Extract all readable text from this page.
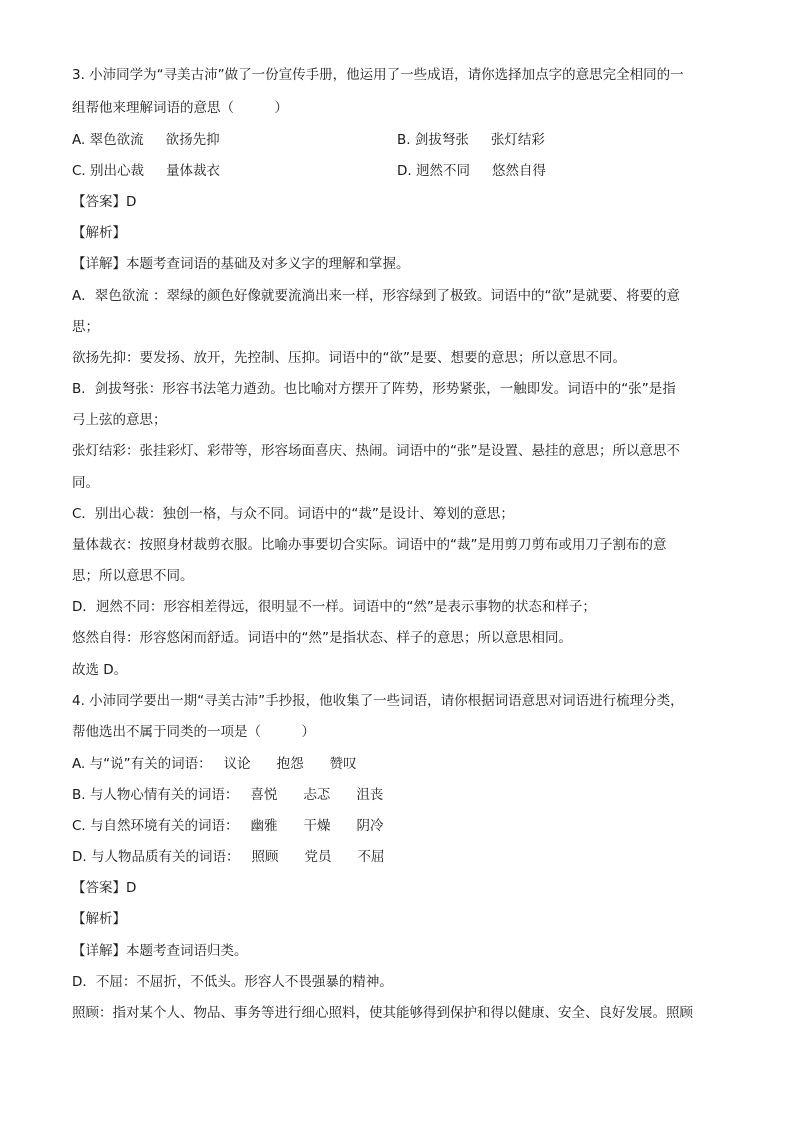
3. 小沛同学为“寻美古沛”做了一份宣传手册，他运用了一些成语，请你选择加点字的意思完全相同的一
组帮他来理解词语的意思（　　　）
A. 翠色欲流 欲扬先抑	B. 剑拔弩张 张灯结彩
C. 别出心裁 量体裁衣	D. 迥然不同 悠然自得
【答案】D
【解析】
【详解】本题考查词语的基础及对多义字的理解和掌握。
A．翠色欲流 ：翠绿的颜色好像就要流淌出来一样，形容绿到了极致。词语中的“欲”是就要、将要的意
思；
欲扬先抑：要发扬、放开，先控制、压抑。词语中的“欲”是要、想要的意思；所以意思不同。
B．剑拔弩张：形容书法笔力遒劲。也比喻对方摆开了阵势，形势紧张，一触即发。词语中的“张”是指
弓上弦的意思；
张灯结彩：张挂彩灯、彩带等，形容场面喜庆、热闹。词语中的“张”是设置、悬挂的意思；所以意思不
同。
C．别出心裁：独创一格，与众不同。词语中的“裁”是设计、筹划的意思；
量体裁衣：按照身材裁剪衣服。比喻办事要切合实际。词语中的“裁”是用剪刀剪布或用刀子割布的意
思；所以意思不同。
D．迥然不同：形容相差得远，很明显不一样。词语中的“然”是表示事物的状态和样子；
悠然自得：形容悠闲而舒适。词语中的“然”是指状态、样子的意思；所以意思相同。
故选 D。
4. 小沛同学要出一期“寻美古沛”手抄报，他收集了一些词语，请你根据词语意思对词语进行梳理分类，
帮他选出不属于同类的一项是（　　　）
A. 与“说”有关的词语： 议论 抱怨 赞叹
B. 与人物心情有关的词语： 喜悦 忐忑 沮丧
C. 与自然环境有关的词语： 幽雅 干燥 阴冷
D. 与人物品质有关的词语： 照顾 党员 不屈
【答案】D
【解析】
【详解】本题考查词语归类。
D．不屈：不屈折，不低头。形容人不畏强暴的精神。
照顾：指对某个人、物品、事务等进行细心照料，使其能够得到保护和得以健康、安全、良好发展。照顾
